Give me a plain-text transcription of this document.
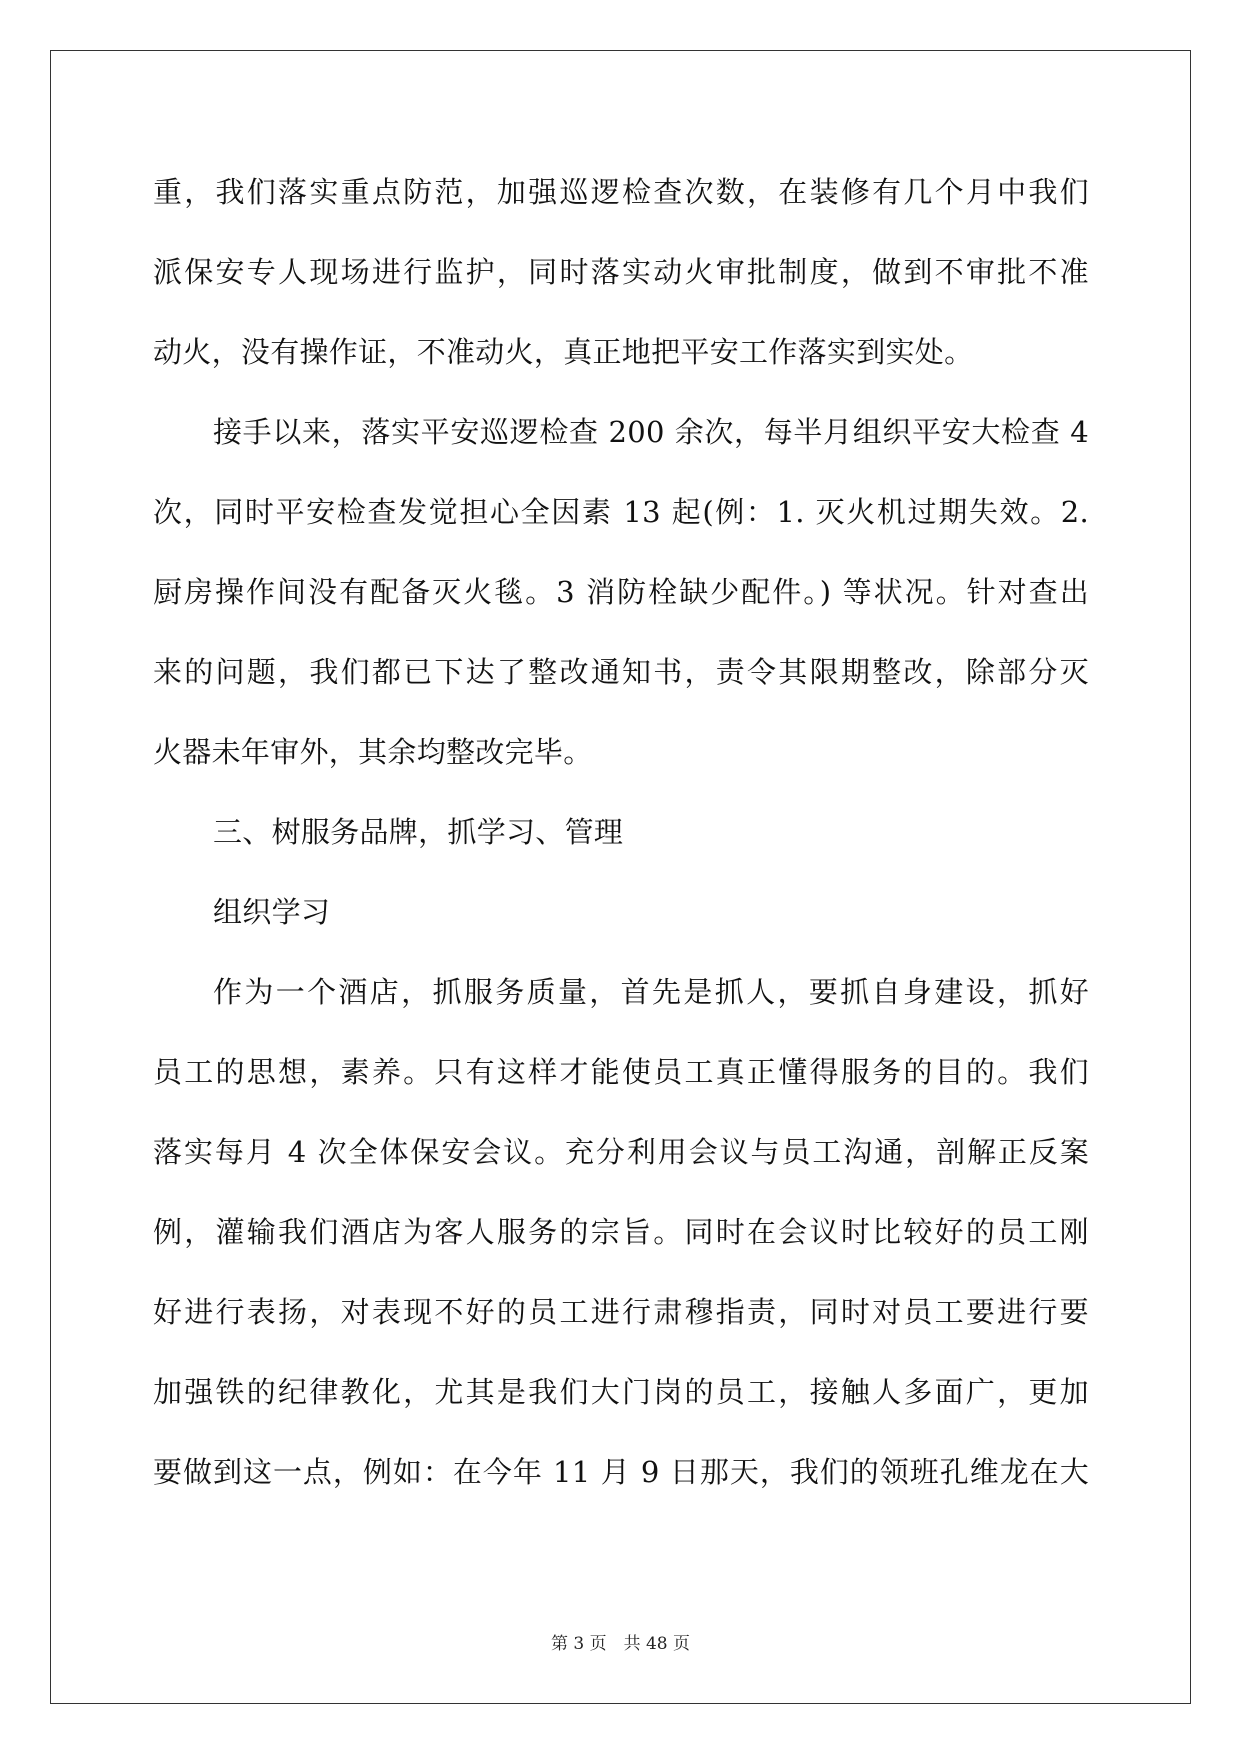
重，我们落实重点防范，加强巡逻检查次数，在装修有几个月中我们
派保安专人现场进行监护，同时落实动火审批制度，做到不审批不准
动火，没有操作证，不准动火，真正地把平安工作落实到实处。
接手以来，落实平安巡逻检查 200 余次，每半月组织平安大检查 4
次，同时平安检查发觉担心全因素 13 起(例：1. 灭火机过期失效。2.
厨房操作间没有配备灭火毯。3 消防栓缺少配件。) 等状况。针对查出
来的问题，我们都已下达了整改通知书，责令其限期整改，除部分灭
火器未年审外，其余均整改完毕。
三、树服务品牌，抓学习、管理
组织学习
作为一个酒店，抓服务质量，首先是抓人，要抓自身建设，抓好
员工的思想，素养。只有这样才能使员工真正懂得服务的目的。我们
落实每月 4 次全体保安会议。充分利用会议与员工沟通，剖解正反案
例，灌输我们酒店为客人服务的宗旨。同时在会议时比较好的员工刚
好进行表扬，对表现不好的员工进行肃穆指责，同时对员工要进行要
加强铁的纪律教化，尤其是我们大门岗的员工，接触人多面广，更加
要做到这一点，例如：在今年 11 月 9 日那天，我们的领班孔维龙在大
第 3 页　共 48 页
